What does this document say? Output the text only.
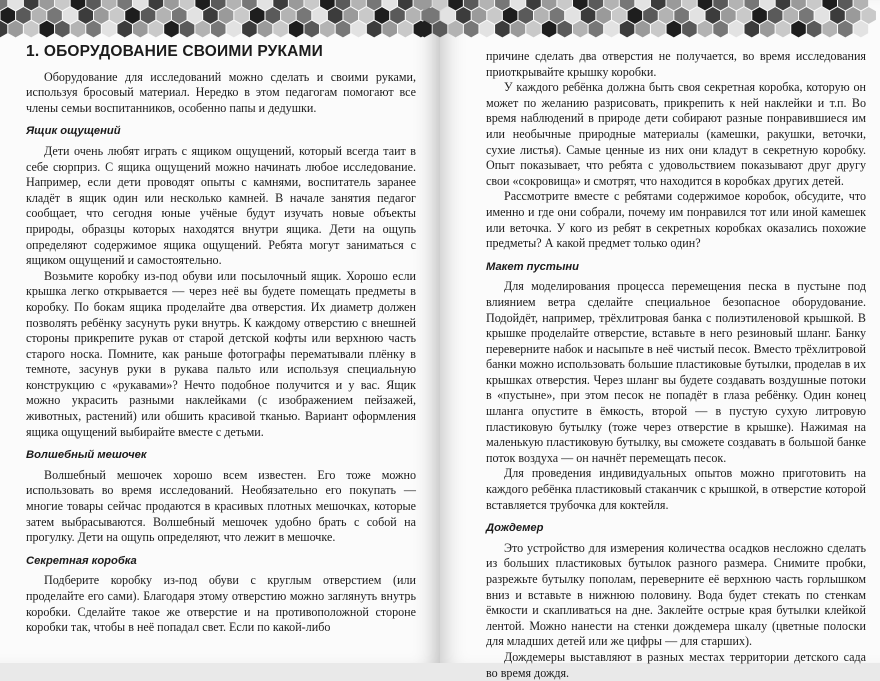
1. ОБОРУДОВАНИЕ СВОИМИ РУКАМИ

Оборудование для исследований можно сделать и своими руками, используя бросовый материал. Нередко в этом педагогам помогают все члены семьи воспитанников, особенно папы и дедушки.

Ящик ощущений

Дети очень любят играть с ящиком ощущений, который всегда таит в себе сюрприз. С ящика ощущений можно начинать любое исследование. Например, если дети проводят опыты с камнями, воспитатель заранее кладёт в ящик один или несколько камней. В начале занятия педагог сообщает, что сегодня юные учёные будут изучать новые объекты природы, образцы которых находятся внутри ящика. Дети на ощупь определяют содержимое ящика ощущений. Ребята могут заниматься с ящиком ощущений и самостоятельно.

Возьмите коробку из-под обуви или посылочный ящик. Хорошо если крышка легко открывается — через неё вы будете помещать предметы в коробку. По бокам ящика проделайте два отверстия. Их диаметр должен позволять ребёнку засунуть руки внутрь. К каждому отверстию с внешней стороны прикрепите рукав от старой детской кофты или верхнюю часть старого носка. Помните, как раньше фотографы перематывали плёнку в темноте, засунув руки в рукава пальто или используя специальную конструкцию с «рукавами»? Нечто подобное получится и у вас. Ящик можно украсить разными наклейками (с изображением пейзажей, животных, растений) или обшить красивой тканью. Вариант оформления ящика ощущений выбирайте вместе с детьми.

Волшебный мешочек

Волшебный мешочек хорошо всем известен. Его тоже можно использовать во время исследований. Необязательно его покупать — многие товары сейчас продаются в красивых плотных мешочках, которые затем выбрасываются. Волшебный мешочек удобно брать с собой на прогулку. Дети на ощупь определяют, что лежит в мешочке.

Секретная коробка

Подберите коробку из-под обуви с круглым отверстием (или проделайте его сами). Благодаря этому отверстию можно заглянуть внутрь коробки. Сделайте такое же отверстие и на противоположной стороне коробки так, чтобы в неё попадал свет. Если по какой-либо

причине сделать два отверстия не получается, во время исследования приоткрывайте крышку коробки.

У каждого ребёнка должна быть своя секретная коробка, которую он может по желанию разрисовать, прикрепить к ней наклейки и т.п. Во время наблюдений в природе дети собирают разные понравившиеся им или необычные природные материалы (камешки, ракушки, веточки, сухие листья). Самые ценные из них они кладут в секретную коробку. Опыт показывает, что ребята с удовольствием показывают друг другу свои «сокровища» и смотрят, что находится в коробках других детей.

Рассмотрите вместе с ребятами содержимое коробок, обсудите, что именно и где они собрали, почему им понравился тот или иной камешек или веточка. У кого из ребят в секретных коробках оказались похожие предметы? А какой предмет только один?

Макет пустыни

Для моделирования процесса перемещения песка в пустыне под влиянием ветра сделайте специальное безопасное оборудование. Подойдёт, например, трёхлитровая банка с полиэтиленовой крышкой. В крышке проделайте отверстие, вставьте в него резиновый шланг. Банку переверните набок и насыпьте в неё чистый песок. Вместо трёхлитровой банки можно использовать большие пластиковые бутылки, проделав в их крышках отверстия. Через шланг вы будете создавать воздушные потоки в «пустыне», при этом песок не попадёт в глаза ребёнку. Один конец шланга опустите в ёмкость, второй — в пустую сухую литровую пластиковую бутылку (тоже через отверстие в крышке). Нажимая на маленькую пластиковую бутылку, вы сможете создавать в большой банке поток воздуха — он начнёт перемещать песок.

Для проведения индивидуальных опытов можно приготовить на каждого ребёнка пластиковый стаканчик с крышкой, в отверстие которой вставляется трубочка для коктейля.

Дождемер

Это устройство для измерения количества осадков несложно сделать из больших пластиковых бутылок разного размера. Снимите пробки, разрежьте бутылку пополам, переверните её верхнюю часть горлышком вниз и вставьте в нижнюю половину. Вода будет стекать по стенкам ёмкости и скапливаться на дне. Заклейте острые края бутылки клейкой лентой. Можно нанести на стенки дождемера шкалу (цветные полоски для младших детей или же цифры — для старших).

Дождемеры выставляют в разных местах территории детского сада во время дождя.
